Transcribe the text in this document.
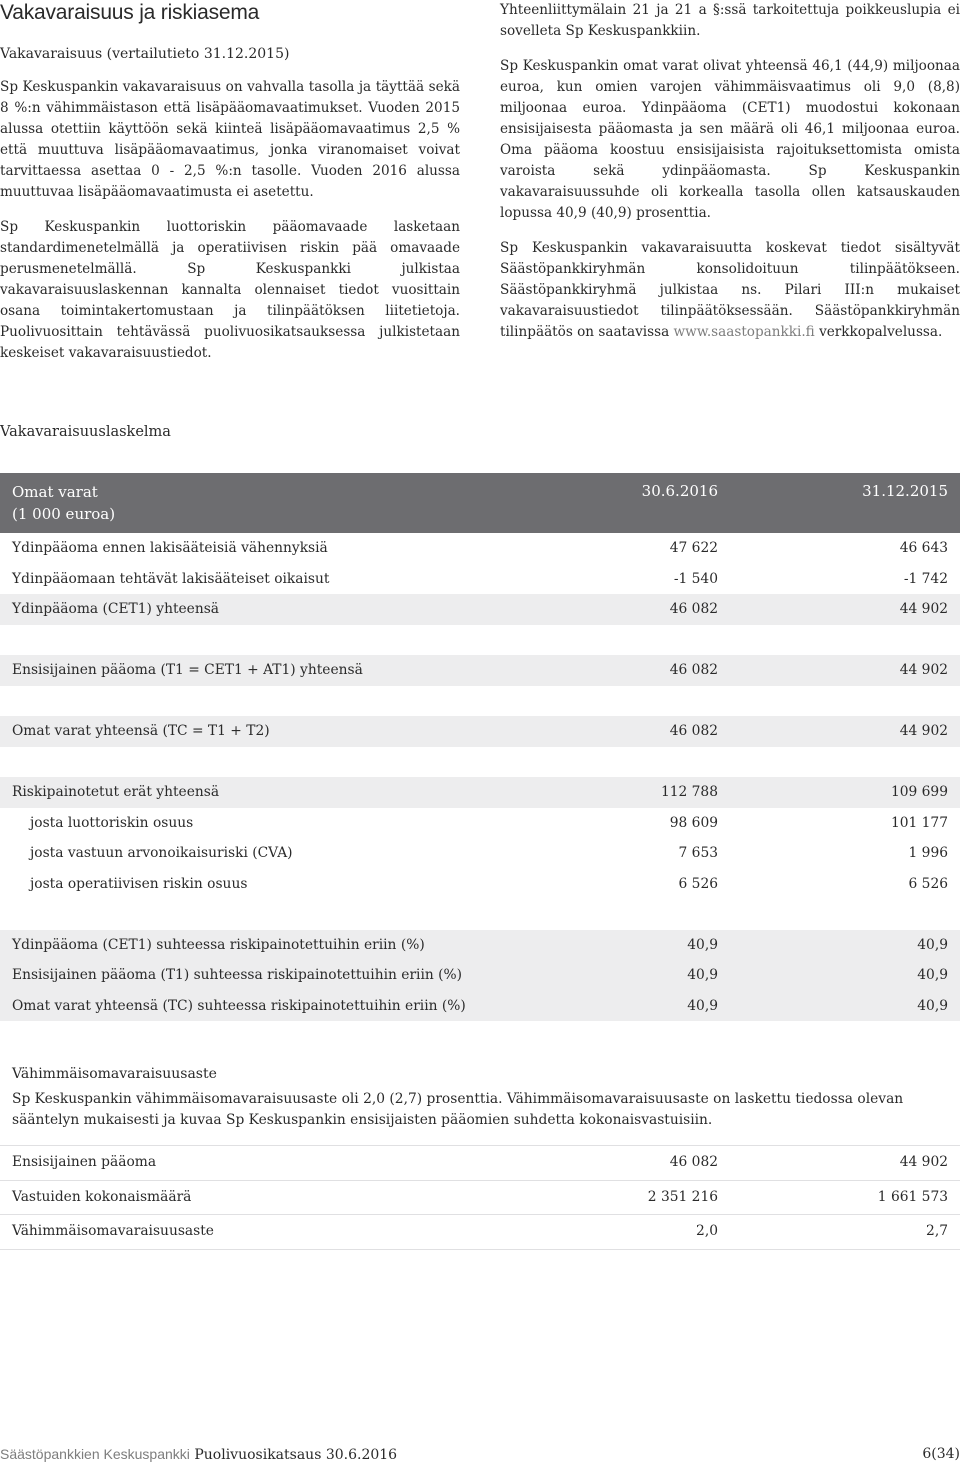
Vakavaraisuus ja riskiasema
Vakavaraisuus (vertailutieto 31.12.2015)

Sp Keskuspankin vakavaraisuus on vahvalla tasolla ja täyttää sekä 8 %:n vähimmäistason että lisäpääomavaatimukset. Vuoden 2015 alussa otettiin käyttöön sekä kiinteä lisäpääomavaatimus 2,5 % että muuttuva lisäpääomavaatimus, jonka viranomaiset voivat tarvittaessa asettaa 0 - 2,5 %:n tasolle. Vuoden 2016 alussa muuttuvaa lisäpääomavaatimusta ei asetettu.

Sp Keskuspankin luottoriskin pääomavaade lasketaan standardimenetelmällä ja operatiivisen riskin pää omavaade perusmenetelmällä. Sp Keskuspankki julkistaa vakavaraisuuslaskennan kannalta olennaiset tiedot vuosittain osana toimintakertomustaan ja tilinpäätöksen liitetietoja. Puolivuosittain tehtävässä puolivuosikatsauksessa julkistetaan keskeiset vakavaraisuustiedot.

Yhteenliittymälain 21 ja 21 a §:ssä tarkoitettuja poikkeuslupia ei sovelleta Sp Keskuspankkiin.

Sp Keskuspankin omat varat olivat yhteensä 46,1 (44,9) miljoonaa euroa, kun omien varojen vähimmäisvaatimus oli 9,0 (8,8) miljoonaa euroa. Ydinpääoma (CET1) muodostui kokonaan ensisijaisesta pääomasta ja sen määrä oli 46,1 miljoonaa euroa. Oma pääoma koostuu ensisijaisista rajoituksettomista omista varoista sekä ydinpääomasta. Sp Keskuspankin vakavaraisuussuhde oli korkealla tasolla ollen katsauskauden lopussa 40,9 (40,9) prosenttia.

Sp Keskuspankin vakavaraisuutta koskevat tiedot sisältyvät Säästöpankkiryhmän konsolidoituun tilinpäätökseen. Säästöpankkiryhmä julkistaa ns. Pilari III:n mukaiset vakavaraisuustiedot tilinpäätöksessään. Säästöpankkiryhmän tilinpäätös on saatavissa www.saastopankki.fi verkkopalvelussa.

Vakavaraisuuslaskelma
Omat varat
(1 000 euroa)
30.6.2016	31.12.2015
Ydinpääoma ennen lakisääteisiä vähennyksiä	47 622	46 643
Ydinpääomaan tehtävät lakisääteiset oikaisut	-1 540	-1 742
Ydinpääoma (CET1) yhteensä	46 082	44 902
Ensisijainen pääoma (T1 = CET1 + AT1) yhteensä	46 082	44 902
Omat varat yhteensä (TC = T1 + T2)	46 082	44 902
Riskipainotetut erät yhteensä	112 788	109 699
josta luottoriskin osuus	98 609	101 177
josta vastuun arvonoikaisuriski (CVA)	7 653	1 996
josta operatiivisen riskin osuus	6 526	6 526
Ydinpääoma (CET1) suhteessa riskipainotettuihin eriin (%)	40,9	40,9
Ensisijainen pääoma (T1) suhteessa riskipainotettuihin eriin (%)	40,9	40,9
Omat varat yhteensä (TC) suhteessa riskipainotettuihin eriin (%)	40,9	40,9
Vähimmäisomavaraisuusaste
Sp Keskuspankin vähimmäisomavaraisuusaste oli 2,0 (2,7) prosenttia. Vähimmäisomavaraisuusaste on laskettu tiedossa olevan sääntelyn mukaisesti ja kuvaa Sp Keskuspankin ensisijaisten pääomien suhdetta kokonaisvastuisiin.
Ensisijainen pääoma	46 082	44 902
Vastuiden kokonaismäärä	2 351 216	1 661 573
Vähimmäisomavaraisuusaste	2,0	2,7
Säästöpankkien Keskuspankki Puolivuosikatsaus 30.6.2016	6(34)
